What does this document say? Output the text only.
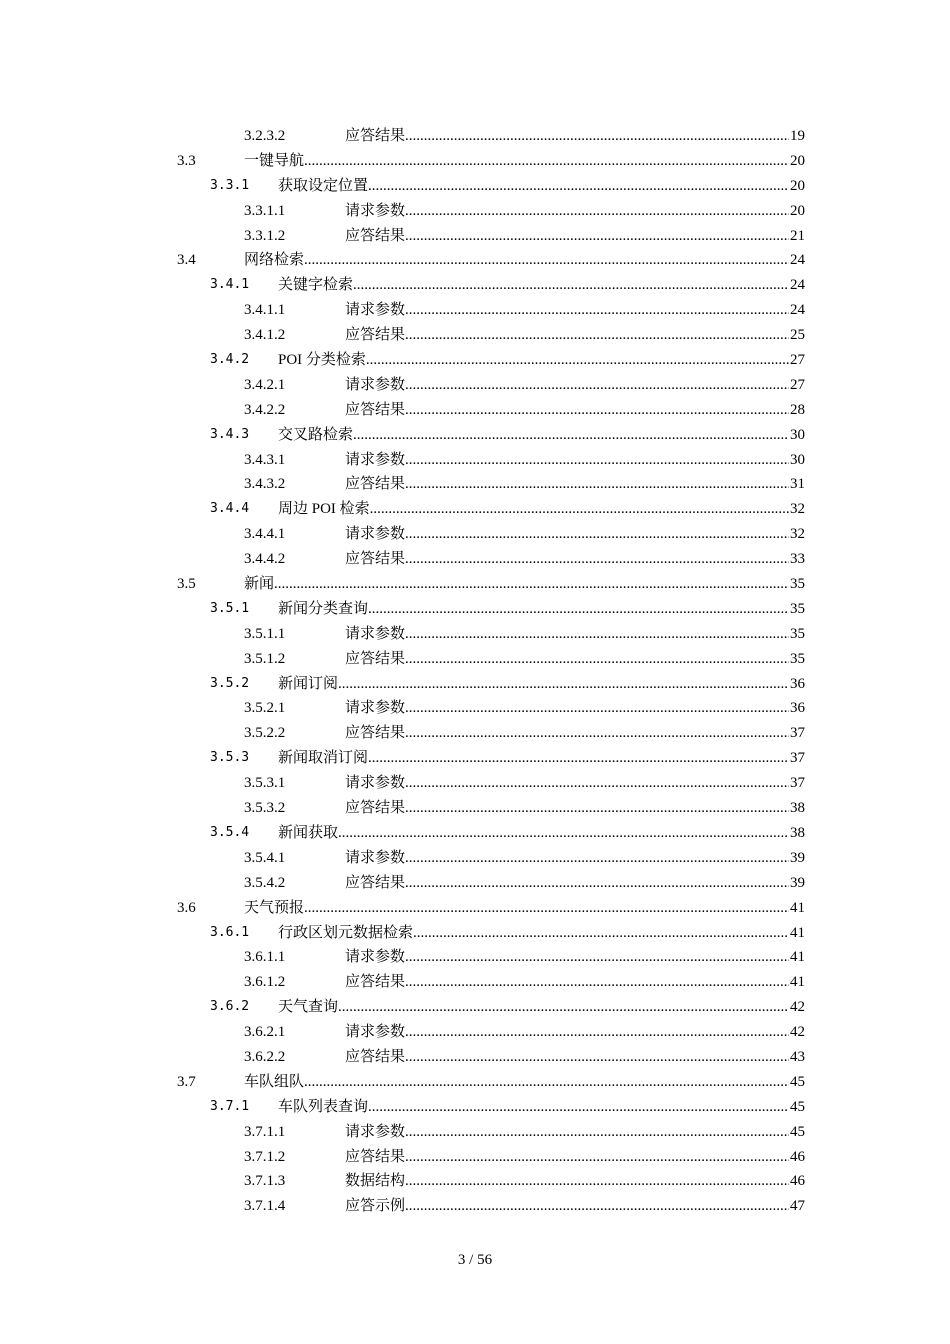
3.2.3.2	应答结果 .....	19
3.3	一键导航 .....	20
3.3.1 获取设定位置 .....	20
3.3.1.1	请求参数 .....	20
3.3.1.2	应答结果 .....	21
3.4	网络检索 .....	24
3.4.1 关键字检索 .....	24
3.4.1.1	请求参数 .....	24
3.4.1.2	应答结果 .....	25
3.4.2 POI 分类检索 .....	27
3.4.2.1	请求参数 .....	27
3.4.2.2	应答结果 .....	28
3.4.3 交叉路检索 .....	30
3.4.3.1	请求参数 .....	30
3.4.3.2	应答结果 .....	31
3.4.4 周边 POI 检索 .....	32
3.4.4.1	请求参数 .....	32
3.4.4.2	应答结果 .....	33
3.5	新闻 .....	35
3.5.1 新闻分类查询 .....	35
3.5.1.1	请求参数 .....	35
3.5.1.2	应答结果 .....	35
3.5.2 新闻订阅 .....	36
3.5.2.1	请求参数 .....	36
3.5.2.2	应答结果 .....	37
3.5.3 新闻取消订阅 .....	37
3.5.3.1	请求参数 .....	37
3.5.3.2	应答结果 .....	38
3.5.4 新闻获取 .....	38
3.5.4.1	请求参数 .....	39
3.5.4.2	应答结果 .....	39
3.6	天气预报 .....	41
3.6.1 行政区划元数据检索 .....	41
3.6.1.1	请求参数 .....	41
3.6.1.2	应答结果 .....	41
3.6.2 天气查询 .....	42
3.6.2.1	请求参数 .....	42
3.6.2.2	应答结果 .....	43
3.7	车队组队 .....	45
3.7.1 车队列表查询 .....	45
3.7.1.1	请求参数 .....	45
3.7.1.2	应答结果 .....	46
3.7.1.3	数据结构 .....	46
3.7.1.4	应答示例 .....	47
3 / 56
